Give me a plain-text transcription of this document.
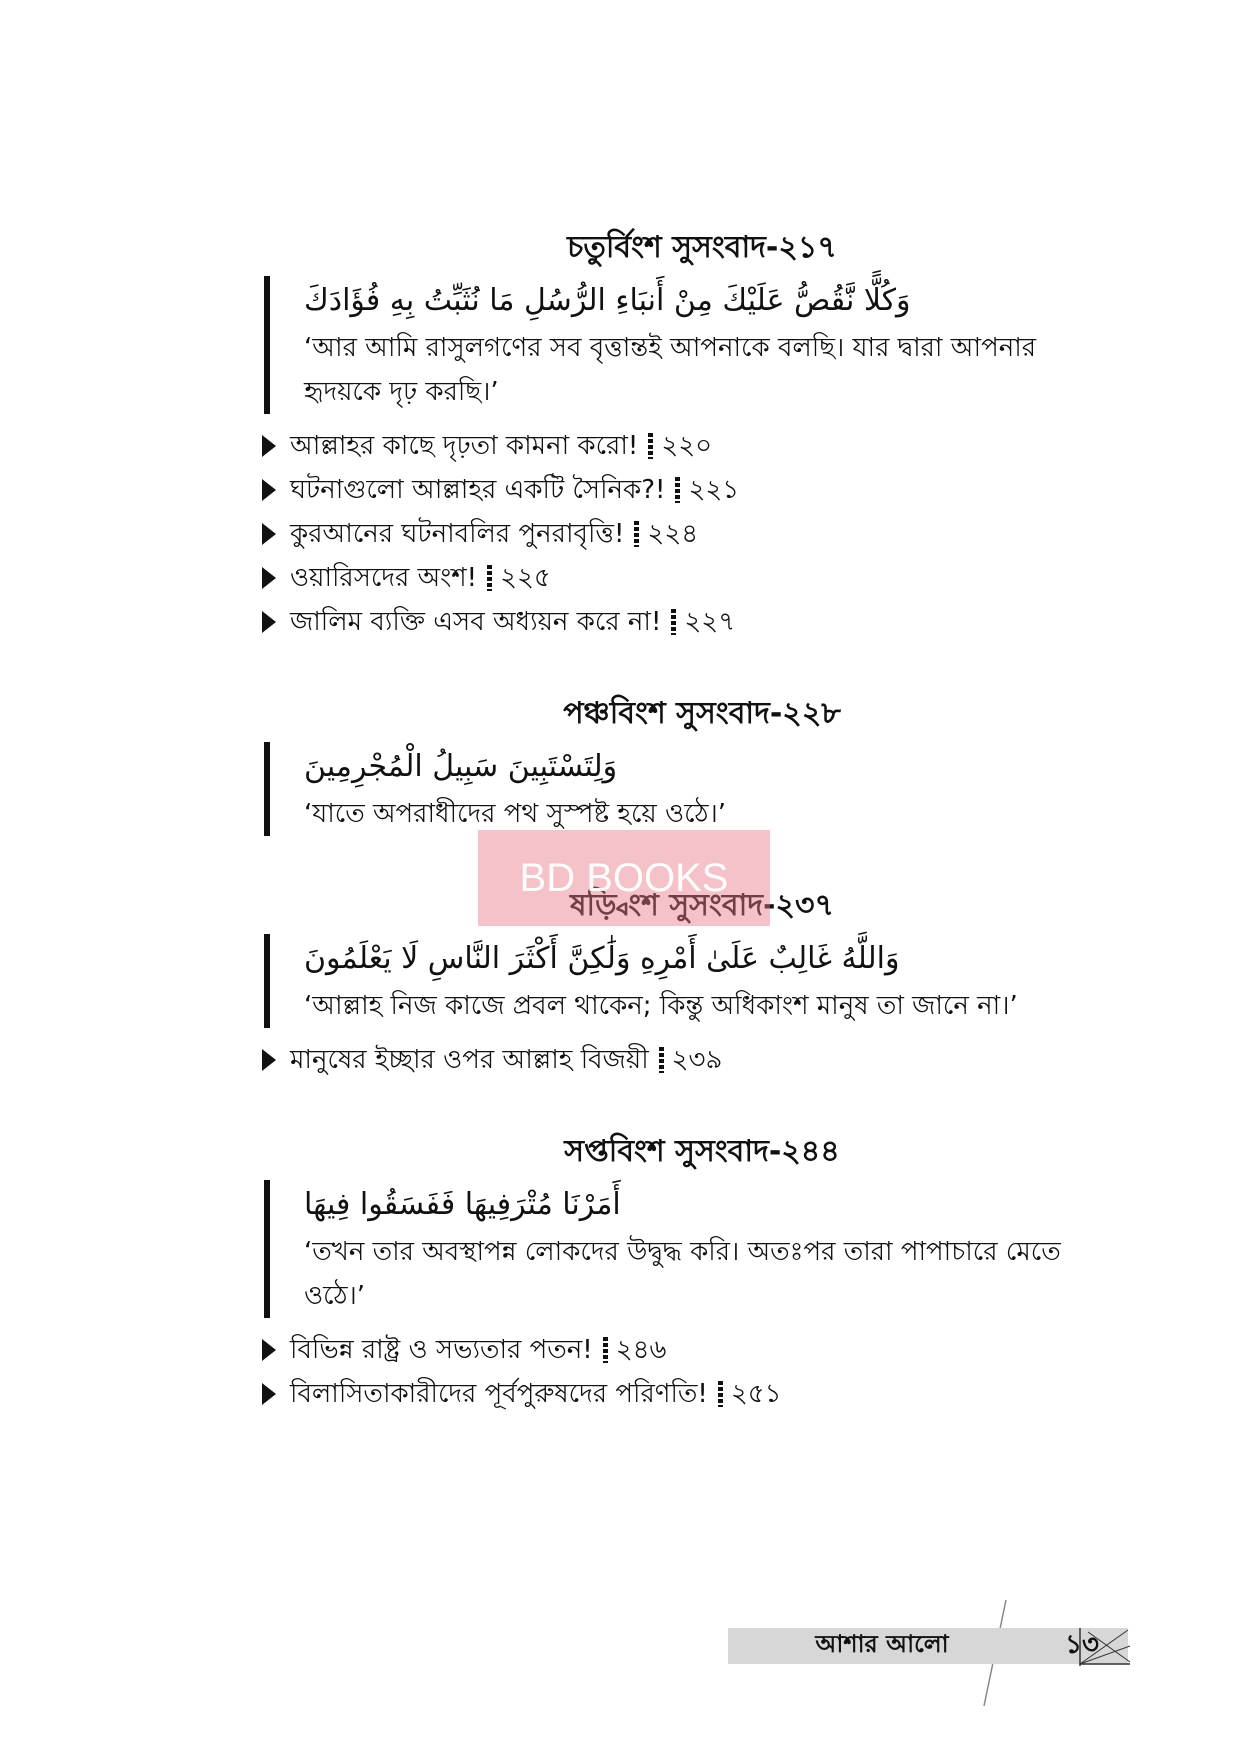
চতুর্বিংশ সুসংবাদ-২১৭
وَكُلًّا نَّقُصُّ عَلَيْكَ مِنْ أَنبَاءِ الرُّسُلِ مَا نُثَبِّتُ بِهِ فُؤَادَكَ
‘আর আমি রাসুলগণের সব বৃত্তান্তই আপনাকে বলছি। যার দ্বারা আপনার হৃদয়কে দৃঢ় করছি।’
আল্লাহর কাছে দৃঢ়তা কামনা করো! ২২০
ঘটনাগুলো আল্লাহর একটি সৈনিক?! ২২১
কুরআনের ঘটনাবলির পুনরাবৃত্তি! ২২৪
ওয়ারিসদের অংশ! ২২৫
জালিম ব্যক্তি এসব অধ্যয়ন করে না! ২২৭
পঞ্চবিংশ সুসংবাদ-২২৮
وَلِتَسْتَبِينَ سَبِيلُ الْمُجْرِمِينَ
‘যাতে অপরাধীদের পথ সুস্পষ্ট হয়ে ওঠে।’
ষড়্বিংশ সুসংবাদ-২৩৭
وَاللَّهُ غَالِبٌ عَلَىٰ أَمْرِهِ وَلَٰكِنَّ أَكْثَرَ النَّاسِ لَا يَعْلَمُونَ
‘আল্লাহ নিজ কাজে প্রবল থাকেন; কিন্তু অধিকাংশ মানুষ তা জানে না।’
মানুষের ইচ্ছার ওপর আল্লাহ বিজয়ী ২৩৯
সপ্তবিংশ সুসংবাদ-২৪৪
أَمَرْنَا مُتْرَفِيهَا فَفَسَقُوا فِيهَا
‘তখন তার অবস্থাপন্ন লোকদের উদ্বুদ্ধ করি। অতঃপর তারা পাপাচারে মেতে ওঠে।’
বিভিন্ন রাষ্ট্র ও সভ্যতার পতন! ২৪৬
বিলাসিতাকারীদের পূর্বপুরুষদের পরিণতি! ২৫১
BD BOOKS
আশার আলো	১৩
